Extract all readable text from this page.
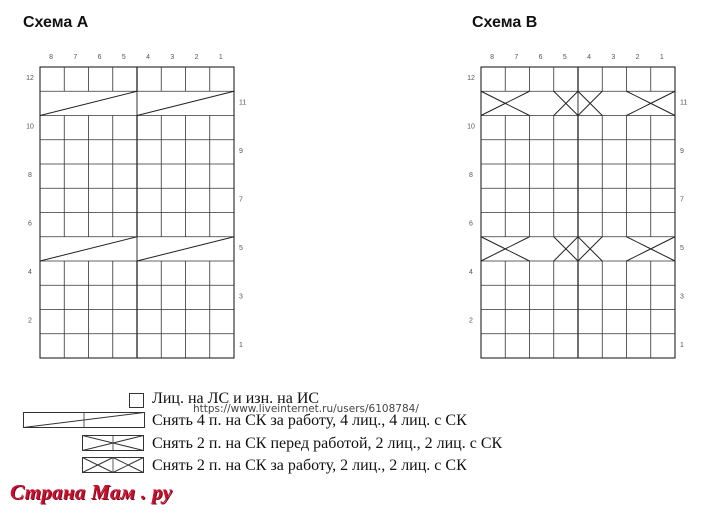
Схема A	Схема B
8	7	6	5	4	3	2	1
12
10
8
6
4
2
11
9
7
5
3
1
8	7	6	5	4	3	2	1
12
10
8
6
4
2
11
9
7
5
3
1
Лиц. на ЛС и изн. на ИС
Снять 4 п. на СК за работу, 4 лиц., 4 лиц. с СК
Снять 2 п. на СК перед работой, 2 лиц., 2 лиц. с СК
Снять 2 п. на СК за работу, 2 лиц., 2 лиц. с СК
https://www.liveinternet.ru/users/6108784/
Страна Мам . ру
